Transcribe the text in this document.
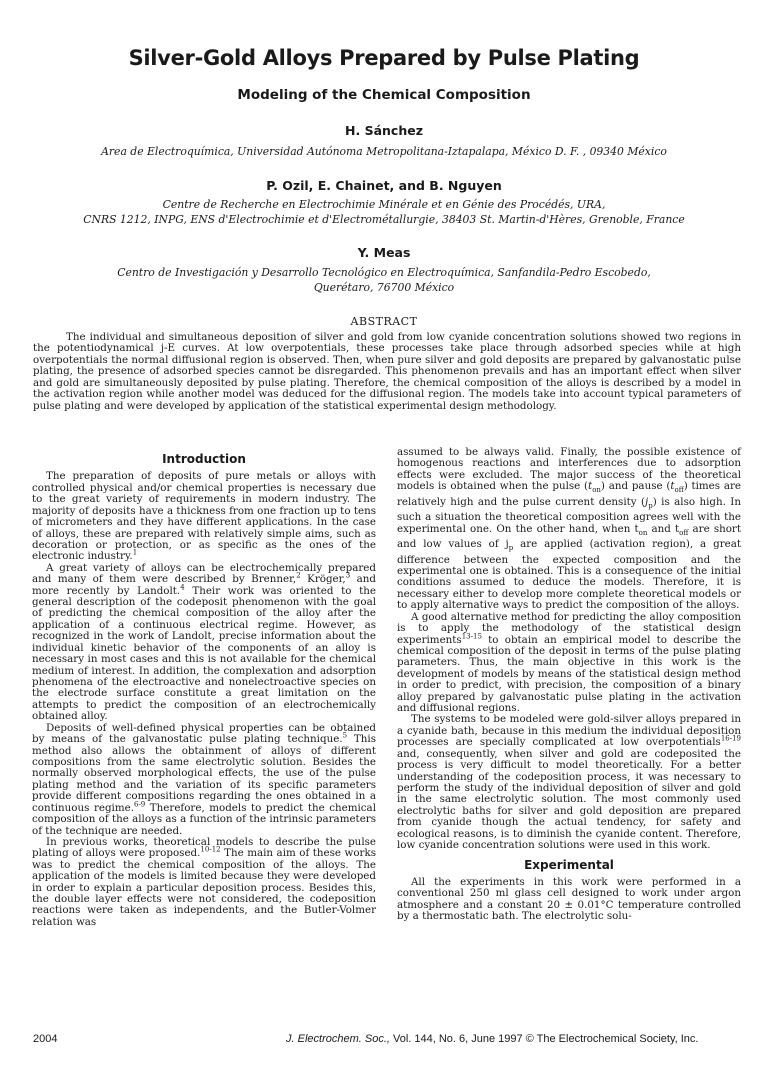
Silver-Gold Alloys Prepared by Pulse Plating
Modeling of the Chemical Composition
H. Sánchez
Area de Electroquímica, Universidad Autónoma Metropolitana-Iztapalapa, México D. F. , 09340 México
P. Ozil, E. Chainet, and B. Nguyen
Centre de Recherche en Electrochimie Minérale et en Génie des Procédés, URA,
CNRS 1212, INPG, ENS d'Electrochimie et d'Electrométallurgie, 38403 St. Martin-d'Hères, Grenoble, France
Y. Meas
Centro de Investigación y Desarrollo Tecnológico en Electroquímica, Sanfandila-Pedro Escobedo,
Querétaro, 76700 México
ABSTRACT

The individual and simultaneous deposition of silver and gold from low cyanide concentration solutions showed two regions in the potentiodynamical j-E curves. At low overpotentials, these processes take place through adsorbed species while at high overpotentials the normal diffusional region is observed. Then, when pure silver and gold deposits are prepared by galvanostatic pulse plating, the presence of adsorbed species cannot be disregarded. This phenomenon prevails and has an important effect when silver and gold are simultaneously deposited by pulse plating. Therefore, the chemical composition of the alloys is described by a model in the activation region while another model was deduced for the diffusional region. The models take into account typical parameters of pulse plating and were developed by application of the statistical experimental design methodology.

Introduction

The preparation of deposits of pure metals or alloys with controlled physical and/or chemical properties is necessary due to the great variety of requirements in modern industry. The majority of deposits have a thickness from one fraction up to tens of micrometers and they have different applications. In the case of alloys, these are prepared with relatively simple aims, such as decoration or protection, or as specific as the ones of the electronic industry.$^1$

A great variety of alloys can be electrochemically prepared and many of them were described by Brenner,$^2$ Kröger,$^3$ and more recently by Landolt.$^4$ Their work was oriented to the general description of the codeposit phenomenon with the goal of predicting the chemical composition of the alloy after the application of a continuous electrical regime. However, as recognized in the work of Landolt, precise information about the individual kinetic behavior of the components of an alloy is necessary in most cases and this is not available for the chemical medium of interest. In addition, the complexation and adsorption phenomena of the electroactive and nonelectroactive species on the electrode surface constitute a great limitation on the attempts to predict the composition of an electrochemically obtained alloy.

Deposits of well-defined physical properties can be obtained by means of the galvanostatic pulse plating technique.$^5$ This method also allows the obtainment of alloys of different compositions from the same electrolytic solution. Besides the normally observed morphological effects, the use of the pulse plating method and the variation of its specific parameters provide different compositions regarding the ones obtained in a continuous regime.$^{6-9}$ Therefore, models to predict the chemical composition of the alloys as a function of the intrinsic parameters of the technique are needed.

In previous works, theoretical models to describe the pulse plating of alloys were proposed.$^{10-12}$ The main aim of these works was to predict the chemical composition of the alloys. The application of the models is limited because they were developed in order to explain a particular deposition process. Besides this, the double layer effects were not considered, the codeposition reactions were taken as independents, and the Butler-Volmer relation was

assumed to be always valid. Finally, the possible existence of homogenous reactions and interferences due to adsorption effects were excluded. The major success of the theoretical models is obtained when the pulse $(t_{on})$ and pause $(t_{off})$ times are relatively high and the pulse current density $(j_p)$ is also high. In such a situation the theoretical composition agrees well with the experimental one. On the other hand, when $t_{on}$ and $t_{off}$ are short and low values of $j_p$ are applied (activation region), a great difference between the expected composition and the experimental one is obtained. This is a consequence of the initial conditions assumed to deduce the models. Therefore, it is necessary either to develop more complete theoretical models or to apply alternative ways to predict the composition of the alloys.

A good alternative method for predicting the alloy composition is to apply the methodology of the statistical design experiments$^{13-15}$ to obtain an empirical model to describe the chemical composition of the deposit in terms of the pulse plating parameters. Thus, the main objective in this work is the development of models by means of the statistical design method in order to predict, with precision, the composition of a binary alloy prepared by galvanostatic pulse plating in the activation and diffusional regions.

The systems to be modeled were gold-silver alloys prepared in a cyanide bath, because in this medium the individual deposition processes are specially complicated at low overpotentials$^{16-19}$ and, consequently, when silver and gold are codeposited the process is very difficult to model theoretically. For a better understanding of the codeposition process, it was necessary to perform the study of the individual deposition of silver and gold in the same electrolytic solution. The most commonly used electrolytic baths for silver and gold deposition are prepared from cyanide though the actual tendency, for safety and ecological reasons, is to diminish the cyanide content. Therefore, low cyanide concentration solutions were used in this work.

Experimental

All the experiments in this work were performed in a conventional 250 ml glass cell designed to work under argon atmosphere and a constant 20 ± 0.01°C temperature controlled by a thermostatic bath. The electrolytic solu-

2004	J. Electrochem. Soc., Vol. 144, No. 6, June 1997 © The Electrochemical Society, Inc.
